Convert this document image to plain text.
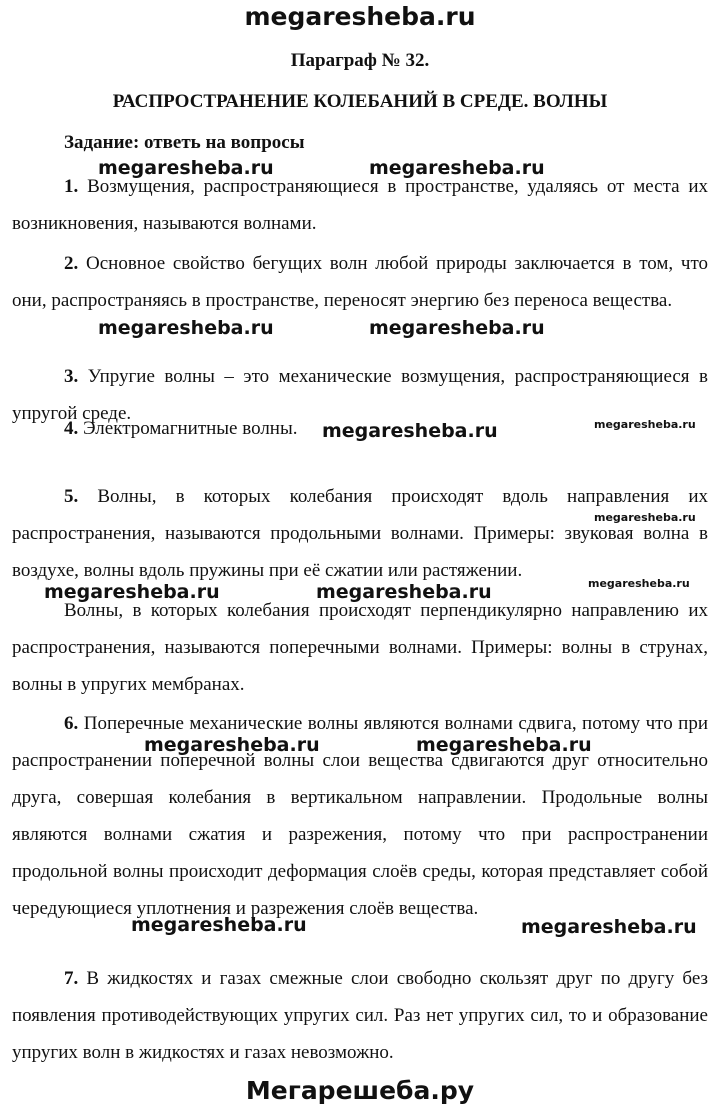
megaresheba.ru
Параграф № 32.
РАСПРОСТРАНЕНИЕ КОЛЕБАНИЙ В СРЕДЕ. ВОЛНЫ
Задание: ответь на вопросы

1. Возмущения, распространяющиеся в пространстве, удаляясь от места их возникновения, называются волнами.

2. Основное свойство бегущих волн любой природы заключается в том, что они, распространяясь в пространстве, переносят энергию без переноса вещества.

3. Упругие волны – это механические возмущения, распространяющиеся в упругой среде.

4. Электромагнитные волны.

5. Волны, в которых колебания происходят вдоль направления их распространения, называются продольными волнами. Примеры: звуковая волна в воздухе, волны вдоль пружины при её сжатии или растяжении.

Волны, в которых колебания происходят перпендикулярно направлению их распространения, называются поперечными волнами. Примеры: волны в струнах, волны в упругих мембранах.

6. Поперечные механические волны являются волнами сдвига, потому что при распространении поперечной волны слои вещества сдвигаются друг относительно друга, совершая колебания в вертикальном направлении. Продольные волны являются волнами сжатия и разрежения, потому что при распространении продольной волны происходит деформация слоёв среды, которая представляет собой чередующиеся уплотнения и разрежения слоёв вещества.

7. В жидкостях и газах смежные слои свободно скользят друг по другу без появления противодействующих упругих сил. Раз нет упругих сил, то и образование упругих волн в жидкостях и газах невозможно.

megaresheba.ru	megaresheba.ru
megaresheba.ru	megaresheba.ru
megaresheba.ru	megaresheba.ru
megaresheba.ru
megaresheba.ru	megaresheba.ru	megaresheba.ru
megaresheba.ru	megaresheba.ru
megaresheba.ru	megaresheba.ru
Мегарешеба.ру
